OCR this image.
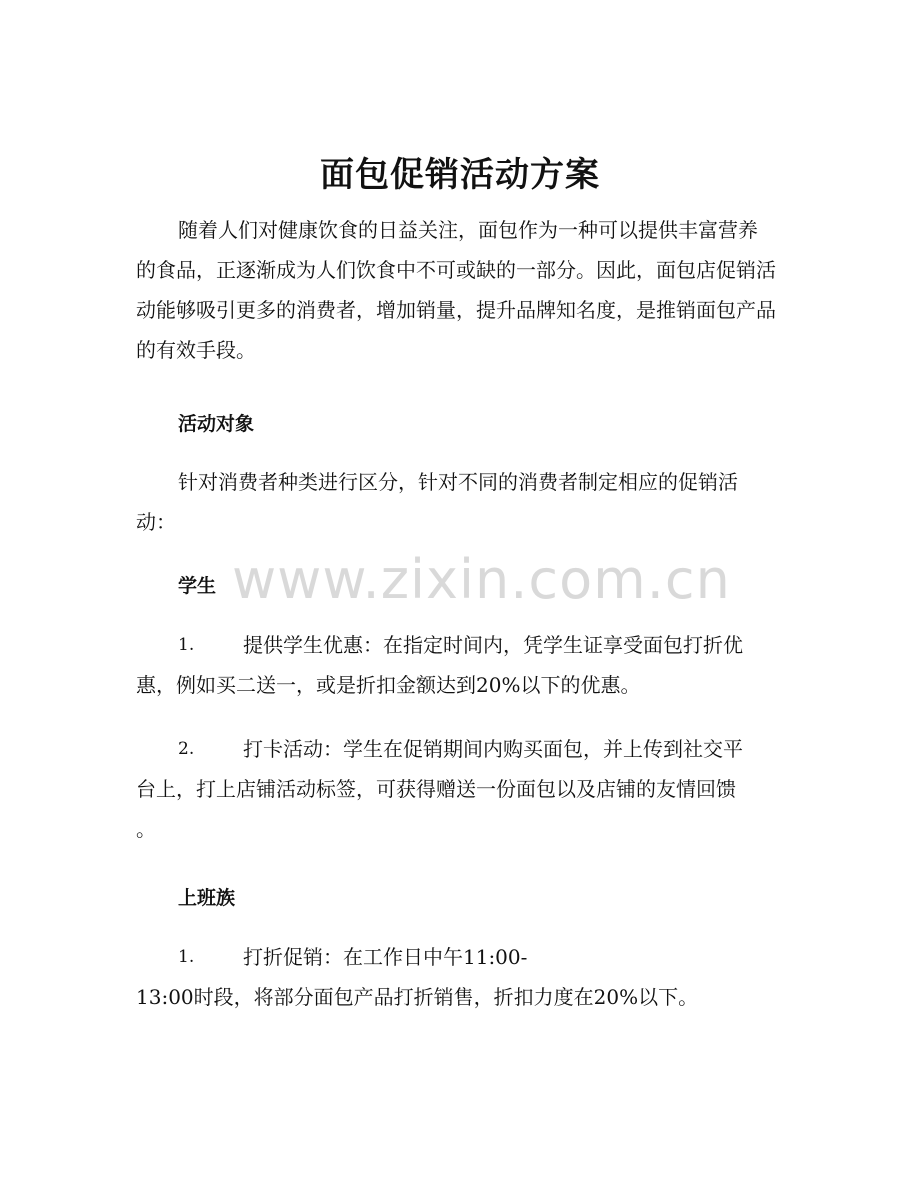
面包促销活动方案
随着人们对健康饮食的日益关注，面包作为一种可以提供丰富营养的食品，正逐渐成为人们饮食中不可或缺的一部分。因此，面包店促销活动能够吸引更多的消费者，增加销量，提升品牌知名度，是推销面包产品的有效手段。
活动对象
针对消费者种类进行区分，针对不同的消费者制定相应的促销活动：
学生
1.	提供学生优惠：在指定时间内，凭学生证享受面包打折优
惠，例如买二送一，或是折扣金额达到20%以下的优惠。
2.	打卡活动：学生在促销期间内购买面包，并上传到社交平
台上，打上店铺活动标签，可获得赠送一份面包以及店铺的友情回馈
。
上班族
1.	打折促销：在工作日中午11:00-
13:00时段，将部分面包产品打折销售，折扣力度在20%以下。
www.zixin.com.cn
